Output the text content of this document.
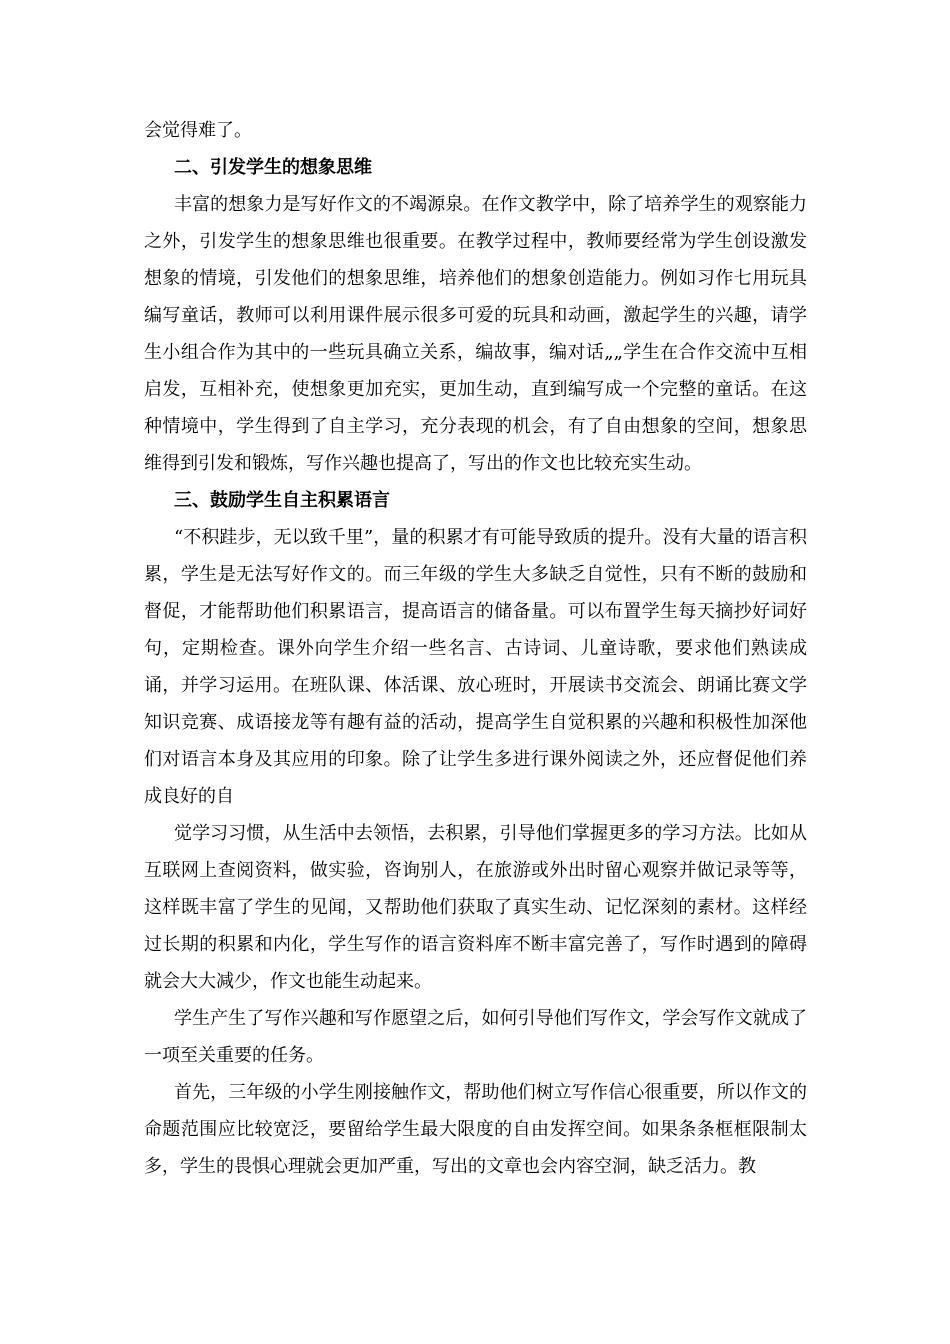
会觉得难了。

二、引发学生的想象思维

丰富的想象力是写好作文的不竭源泉。在作文教学中，除了培养学生的观察能力之外，引发学生的想象思维也很重要。在教学过程中，教师要经常为学生创设激发想象的情境，引发他们的想象思维，培养他们的想象创造能力。例如习作七用玩具编写童话，教师可以利用课件展示很多可爱的玩具和动画，激起学生的兴趣，请学生小组合作为其中的一些玩具确立关系，编故事，编对话„„学生在合作交流中互相启发，互相补充，使想象更加充实，更加生动，直到编写成一个完整的童话。在这种情境中，学生得到了自主学习，充分表现的机会，有了自由想象的空间，想象思维得到引发和锻炼，写作兴趣也提高了，写出的作文也比较充实生动。

三、鼓励学生自主积累语言

“不积跬步，无以致千里”，量的积累才有可能导致质的提升。没有大量的语言积累，学生是无法写好作文的。而三年级的学生大多缺乏自觉性，只有不断的鼓励和督促，才能帮助他们积累语言，提高语言的储备量。可以布置学生每天摘抄好词好句，定期检查。课外向学生介绍一些名言、古诗词、儿童诗歌，要求他们熟读成诵，并学习运用。在班队课、体活课、放心班时，开展读书交流会、朗诵比赛文学知识竞赛、成语接龙等有趣有益的活动，提高学生自觉积累的兴趣和积极性加深他们对语言本身及其应用的印象。除了让学生多进行课外阅读之外，还应督促他们养成良好的自

觉学习习惯，从生活中去领悟，去积累，引导他们掌握更多的学习方法。比如从互联网上查阅资料，做实验，咨询别人，在旅游或外出时留心观察并做记录等等，这样既丰富了学生的见闻，又帮助他们获取了真实生动、记忆深刻的素材。这样经过长期的积累和内化，学生写作的语言资料库不断丰富完善了，写作时遇到的障碍就会大大减少，作文也能生动起来。

学生产生了写作兴趣和写作愿望之后，如何引导他们写作文，学会写作文就成了一项至关重要的任务。

首先，三年级的小学生刚接触作文，帮助他们树立写作信心很重要，所以作文的命题范围应比较宽泛，要留给学生最大限度的自由发挥空间。如果条条框框限制太多，学生的畏惧心理就会更加严重，写出的文章也会内容空洞，缺乏活力。教
